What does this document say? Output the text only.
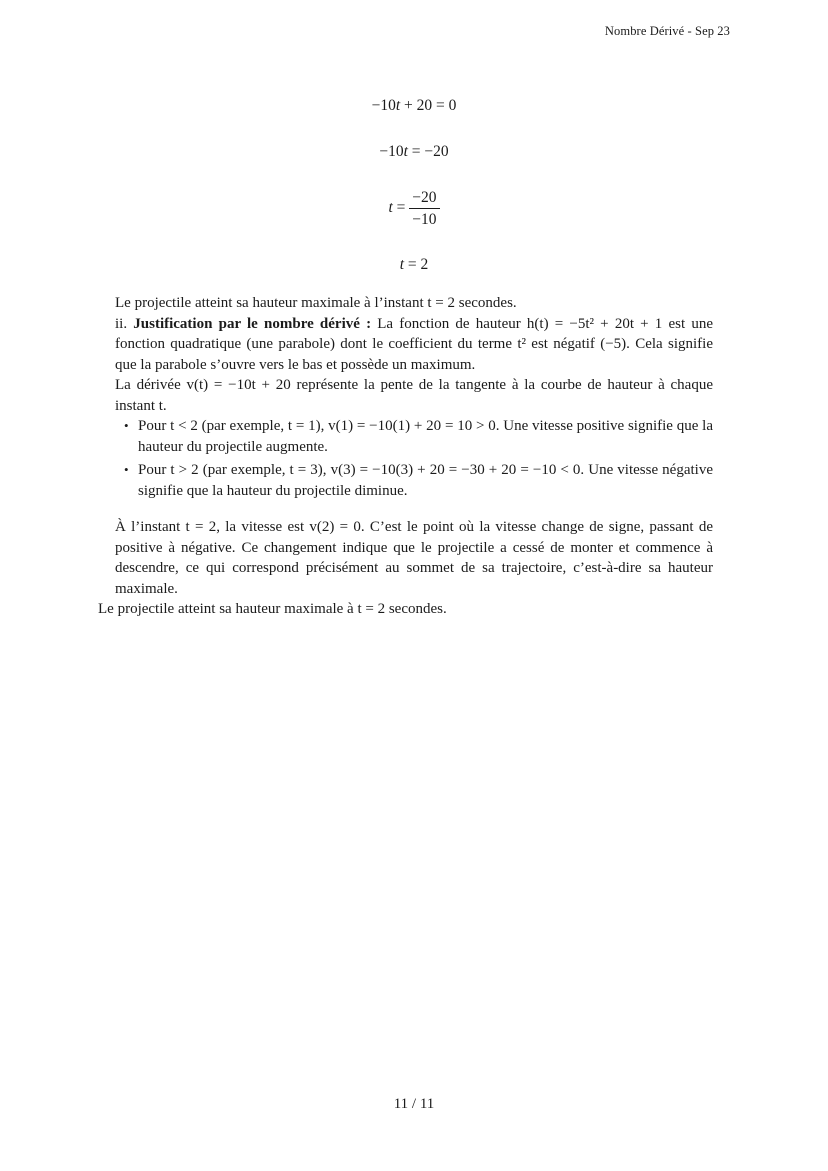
Nombre Dérivé - Sep 23
−10t + 20 = 0
−10t = −20
$t = \frac{-20}{-10}$
t = 2

Le projectile atteint sa hauteur maximale à l’instant t = 2 secondes.

ii. Justification par le nombre dérivé : La fonction de hauteur h(t) = −5t² + 20t + 1 est une fonction quadratique (une parabole) dont le coefficient du terme t² est négatif (−5). Cela signifie que la parabole s’ouvre vers le bas et possède un maximum.

La dérivée v(t) = −10t + 20 représente la pente de la tangente à la courbe de hauteur à chaque instant t.

• Pour t < 2 (par exemple, t = 1), v(1) = −10(1) + 20 = 10 > 0. Une vitesse positive signifie que la hauteur du projectile augmente.
• Pour t > 2 (par exemple, t = 3), v(3) = −10(3) + 20 = −30 + 20 = −10 < 0. Une vitesse négative signifie que la hauteur du projectile diminue.

À l’instant t = 2, la vitesse est v(2) = 0. C’est le point où la vitesse change de signe, passant de positive à négative. Ce changement indique que le projectile a cessé de monter et commence à descendre, ce qui correspond précisément au sommet de sa trajectoire, c’est-à-dire sa hauteur maximale.

Le projectile atteint sa hauteur maximale à t = 2 secondes.

11 / 11
